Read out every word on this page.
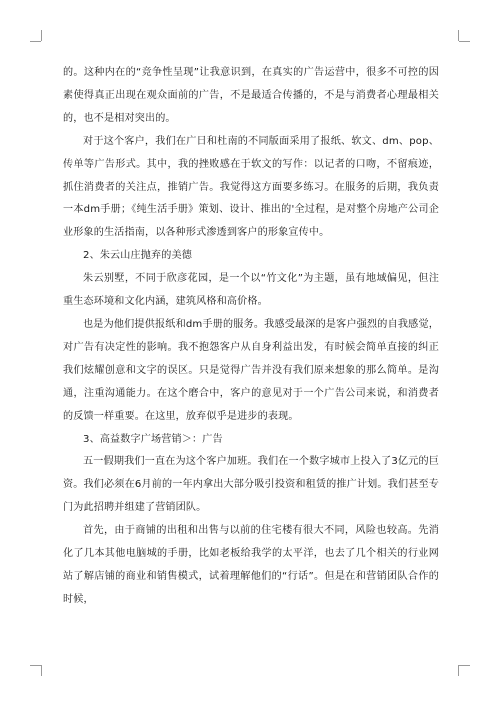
的。这种内在的“竞争性呈现”让我意识到，在真实的广告运营中，很多不可控的因素使得真正出现在观众面前的广告，不是最适合传播的，不是与消费者心理最相关的，也不是相对突出的。

对于这个客户，我们在广日和杜南的不同版面采用了报纸、软文、dm、pop、传单等广告形式。其中，我的挫败感在于软文的写作：以记者的口吻，不留痕迹，抓住消费者的关注点，推销广告。我觉得这方面要多练习。在服务的后期，我负责一本dm手册；《纯生活手册》策划、设计、推出的'全过程，是对整个房地产公司企业形象的生活指南，以各种形式渗透到客户的形象宣传中。

2、朱云山庄抛弃的美德

朱云别墅，不同于欣彦花园，是一个以“竹文化”为主题，虽有地域偏见，但注重生态环境和文化内涵，建筑风格和高价格。

也是为他们提供报纸和dm手册的服务。我感受最深的是客户强烈的自我感觉，对广告有决定性的影响。我不抱怨客户从自身利益出发，有时候会简单直接的纠正我们炫耀创意和文字的误区。只是觉得广告并没有我们原来想象的那么简单。是沟通，注重沟通能力。在这个磨合中，客户的意见对于一个广告公司来说，和消费者的反馈一样重要。在这里，放弃似乎是进步的表现。

3、高益数字广场营销＞：广告

五一假期我们一直在为这个客户加班。我们在一个数字城市上投入了3亿元的巨资。我们必须在6月前的一年内拿出大部分吸引投资和租赁的推广计划。我们甚至专门为此招聘并组建了营销团队。

首先，由于商铺的出租和出售与以前的住宅楼有很大不同，风险也较高。先消化了几本其他电脑城的手册，比如老板给我学的太平洋，也去了几个相关的行业网站了解店铺的商业和销售模式，试着理解他们的“行话”。但是在和营销团队合作的时候，
